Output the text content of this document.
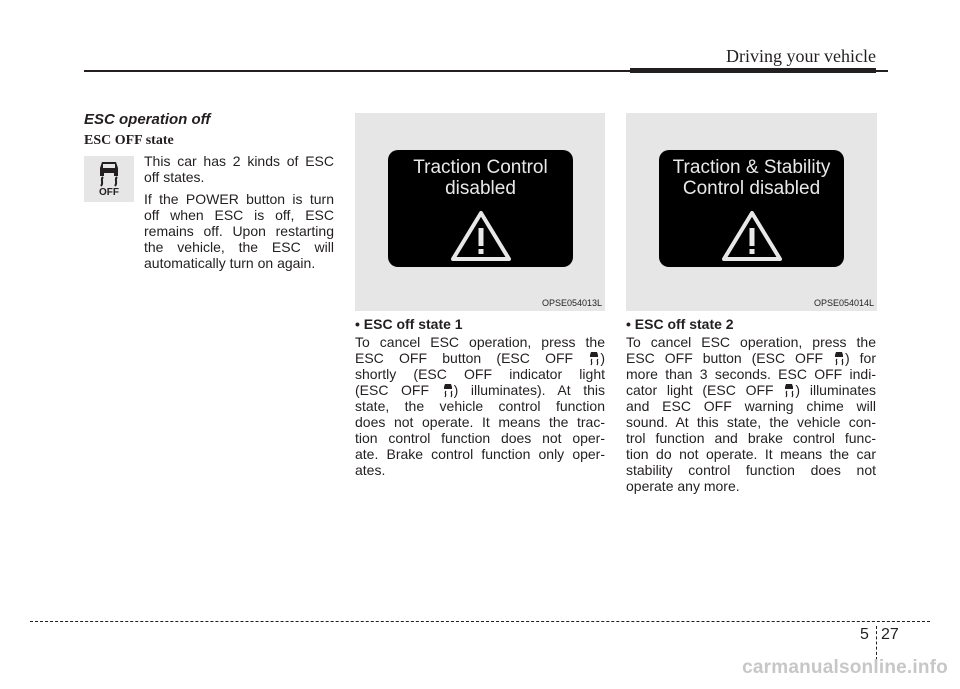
Driving your vehicle
ESC operation off
ESC OFF state
OFF

This car has 2 kinds of ESC off states.

If the POWER button is turn off when ESC is off, ESC remains off. Upon restarting the vehicle, the ESC will automatically turn on again.

Traction Control
disabled
OPSE054013L
Traction & Stability
Control disabled
OPSE054014L
• ESC off state 1
To cancel ESC operation, press the
ESC OFF button (ESC OFF )
shortly (ESC OFF indicator light
(ESC OFF ) illuminates). At this
state, the vehicle control function
does not operate. It means the trac-
tion control function does not oper-
ate. Brake control function only oper-
ates.
• ESC off state 2
To cancel ESC operation, press the
ESC OFF button (ESC OFF ) for
more than 3 seconds. ESC OFF indi-
cator light (ESC OFF ) illuminates
and ESC OFF warning chime will
sound. At this state, the vehicle con-
trol function and brake control func-
tion do not operate. It means the car
stability control function does not
operate any more.
5 27
carmanualsonline.info
